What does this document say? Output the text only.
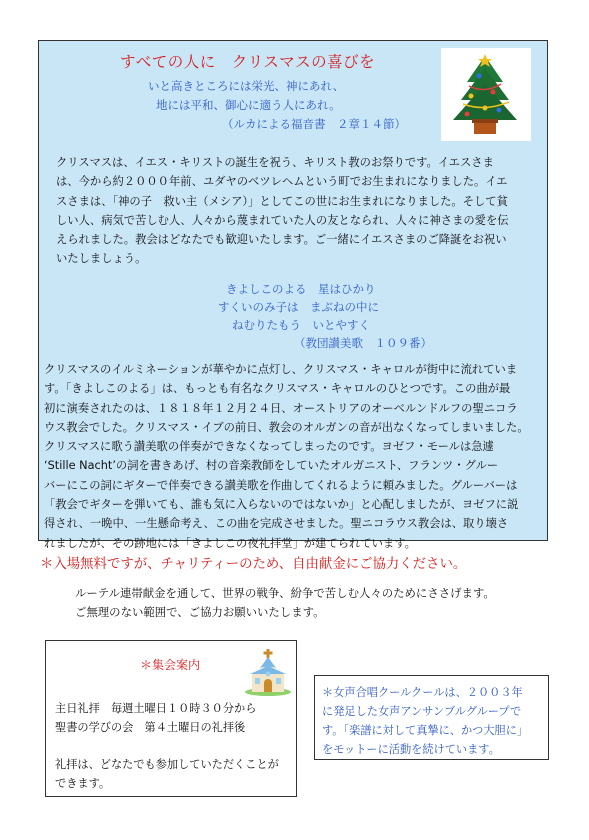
すべての人に　クリスマスの喜びを
いと高きところには栄光、神にあれ、
地には平和、御心に適う人にあれ。
（ルカによる福音書　２章１４節）
クリスマスは、イエス・キリストの誕生を祝う、キリスト教のお祭りです。イエスさま
は、今から約２０００年前、ユダヤのベツレヘムという町でお生まれになりました。イエ
スさまは、「神の子　救い主（メシア）」としてこの世にお生まれになりました。そして貧
しい人、病気で苦しむ人、人々から蔑まれていた人の友となられ、人々に神さまの愛を伝
えられました。教会はどなたでも歓迎いたします。ご一緒にイエスさまのご降誕をお祝い
いたしましょう。
きよしこのよる　星はひかり
すくいのみ子は　まぶねの中に
ねむりたもう　いとやすく
（教団讃美歌　１０９番）
クリスマスのイルミネーションが華やかに点灯し、クリスマス・キャロルが街中に流れていま
す。「きよしこのよる」は、もっとも有名なクリスマス・キャロルのひとつです。この曲が最
初に演奏されたのは、１８１８年１２月２４日、オーストリアのオーベルンドルフの聖ニコラ
ウス教会でした。クリスマス・イブの前日、教会のオルガンの音が出なくなってしまいました。
クリスマスに歌う讃美歌の伴奏ができなくなってしまったのです。ヨゼフ・モールは急遽
‘Stille Nacht’の詞を書きあげ、村の音楽教師をしていたオルガニスト、フランツ・グルー
バーにこの詞にギターで伴奏できる讃美歌を作曲してくれるように頼みました。グルーバーは
「教会でギターを弾いても、誰も気に入らないのではないか」と心配しましたが、ヨゼフに説
得され、一晩中、一生懸命考え、この曲を完成させました。聖ニコラウス教会は、取り壊さ
れましたが、その跡地には「きよしこの夜礼拝堂」が建てられています。
＊入場無料ですが、チャリティーのため、自由献金にご協力ください。
ルーテル連帯献金を通して、世界の戦争、紛争で苦しむ人々のためにささげます。
ご無理のない範囲で、ご協力お願いいたします。
＊集会案内
主日礼拝　毎週土曜日１０時３０分から
聖書の学びの会　第４土曜日の礼拝後
礼拝は、どなたでも参加していただくことが
できます。
＊女声合唱クールクールは、２００３年
に発足した女声アンサンブルグループで
す。「楽譜に対して真摯に、かつ大胆に」
をモットーに活動を続けています。
